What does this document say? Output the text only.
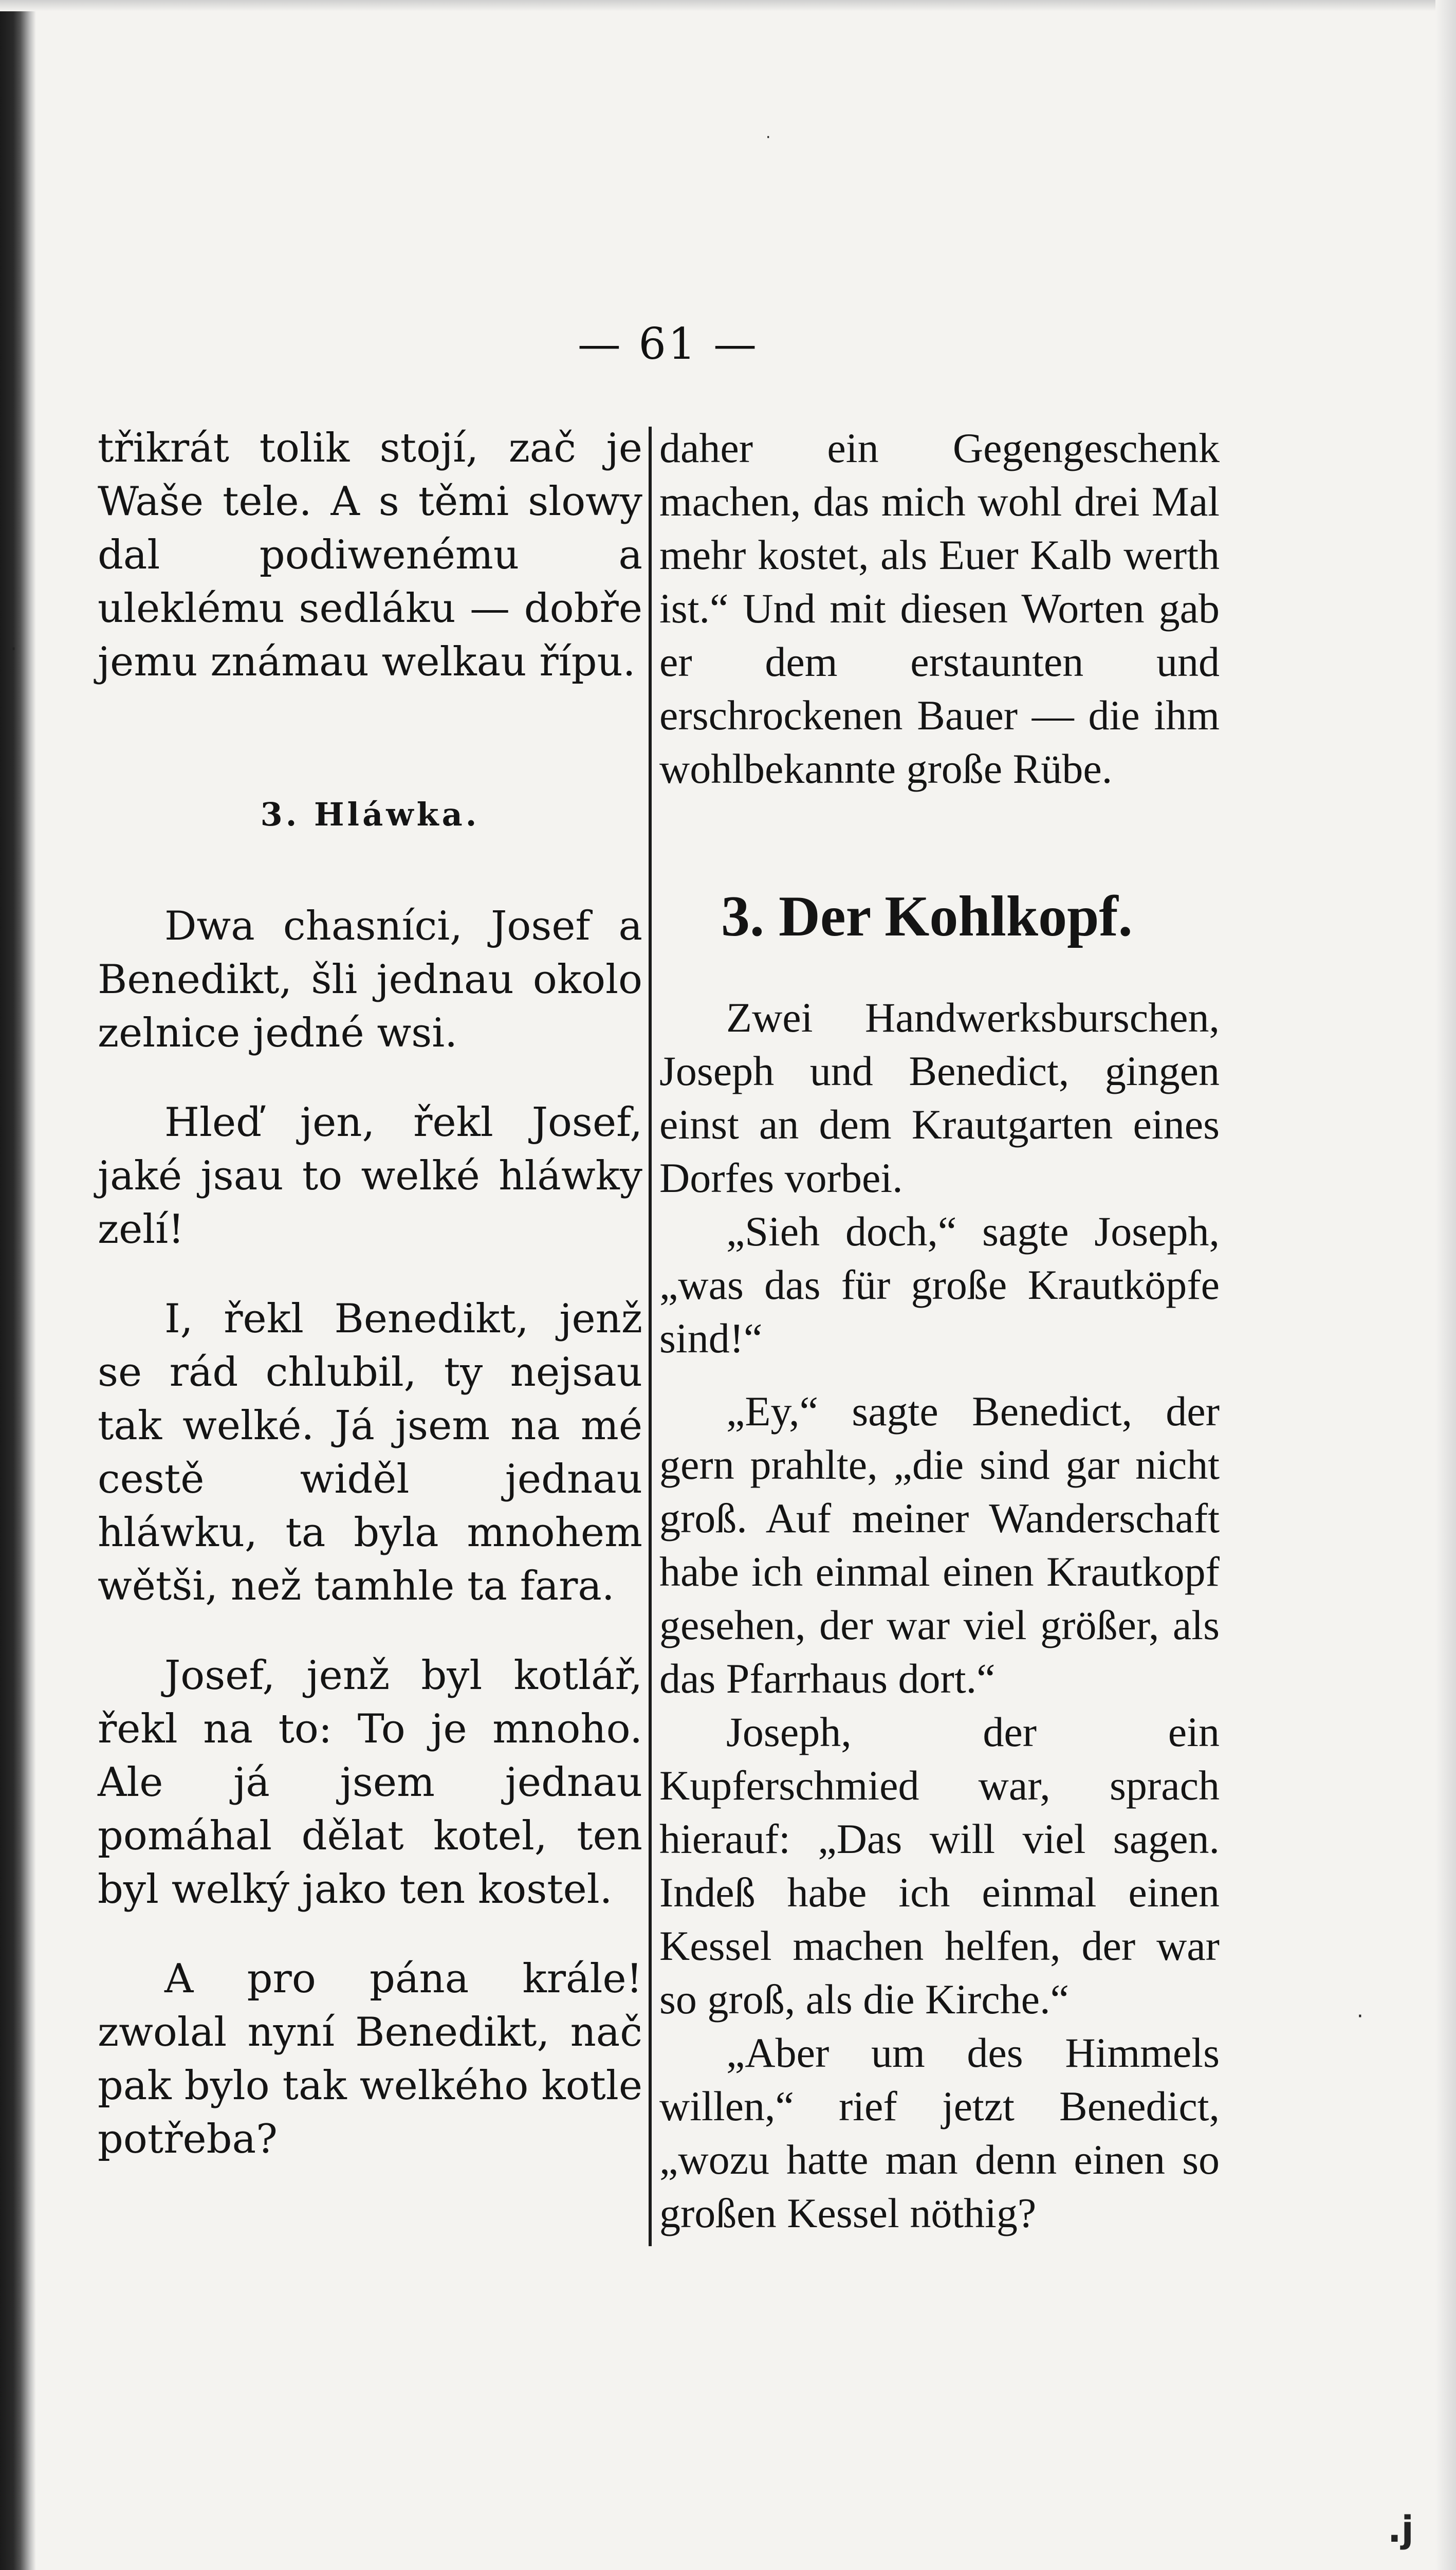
— 61 —

třikrát tolik stojí, zač je Waše tele. A s těmi slowy dal podiwenému a uleklému sedláku — dobře jemu známau welkau řípu.

3. Hláwka.

Dwa chasníci, Josef a Benedikt, šli jednau okolo zelnice jedné wsi.

Hleď jen, řekl Josef, jaké jsau to welké hláwky zelí!

I, řekl Benedikt, jenž se rád chlubil, ty nejsau tak welké. Já jsem na mé cestě widěl jednau hláwku, ta byla mnohem wětši, než tamhle ta fara.

Josef, jenž byl kotlář, řekl na to: To je mnoho. Ale já jsem jednau pomáhal dělat kotel, ten byl welký jako ten kostel.

A pro pána krále! zwolal nyní Benedikt, nač pak bylo tak welkého kotle potřeba?

daher ein Gegengeschenk machen, das mich wohl drei Mal mehr kostet, als Euer Kalb werth ist.“ Und mit diesen Worten gab er dem erstaunten und erschrockenen Bauer — die ihm wohlbekannte große Rübe.

3. Der Kohlkopf.

Zwei Handwerksburschen, Joseph und Benedict, gingen einst an dem Krautgarten eines Dorfes vorbei.

„Sieh doch,“ sagte Joseph, „was das für große Krautköpfe sind!“

„Ey,“ sagte Benedict, der gern prahlte, „die sind gar nicht groß. Auf meiner Wanderschaft habe ich einmal einen Krautkopf gesehen, der war viel größer, als das Pfarrhaus dort.“

Joseph, der ein Kupferschmied war, sprach hierauf: „Das will viel sagen. Indeß habe ich einmal einen Kessel machen helfen, der war so groß, als die Kirche.“

„Aber um des Himmels willen,“ rief jetzt Benedict, „wozu hatte man denn einen so großen Kessel nöthig?

·
·
·
.j
